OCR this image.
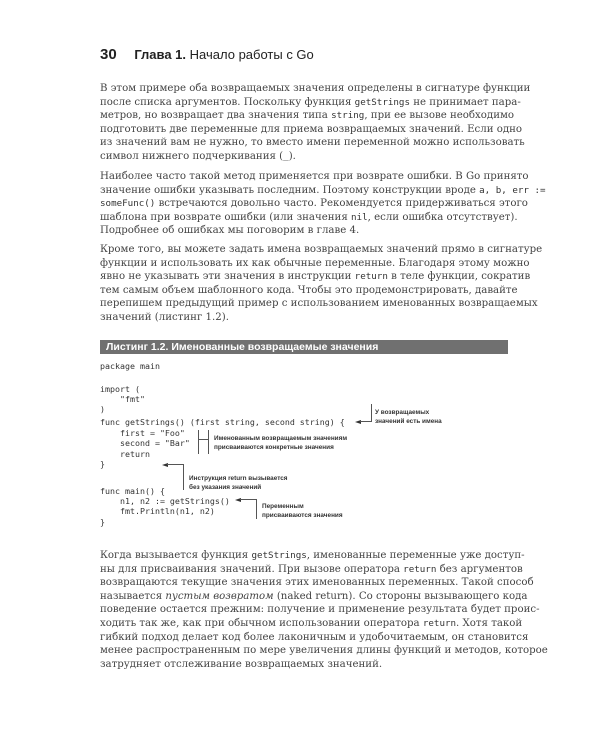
30 Глава 1. Начало работы с Go
В этом примере оба возвращаемых значения определены в сигнатуре функции
после списка аргументов. Поскольку функция getStrings не принимает пара-
метров, но возвращает два значения типа string, при ее вызове необходимо
подготовить две переменные для приема возвращаемых значений. Если одно
из значений вам не нужно, то вместо имени переменной можно использовать
символ нижнего подчеркивания (_).
Наиболее часто такой метод применяется при возврате ошибки. В Go принято
значение ошибки указывать последним. Поэтому конструкции вроде a, b, err :=
someFunc() встречаются довольно часто. Рекомендуется придерживаться этого
шаблона при возврате ошибки (или значения nil, если ошибка отсутствует).
Подробнее об ошибках мы поговорим в главе 4.
Кроме того, вы можете задать имена возвращаемых значений прямо в сигнатуре
функции и использовать их как обычные переменные. Благодаря этому можно
явно не указывать эти значения в инструкции return в теле функции, сократив
тем самым объем шаблонного кода. Чтобы это продемонстрировать, давайте
перепишем предыдущий пример с использованием именованных возвращаемых
значений (листинг 1.2).
Листинг 1.2. Именованные возвращаемые значения
package main
import (
"fmt"
)
func getStrings() (first string, second string) {
first = "Foo"
second = "Bar"
return
}
func main() {
n1, n2 := getStrings()
fmt.Println(n1, n2)
}
У возвращаемых
значений есть имена
Именованным возвращаемым значениям
присваиваются конкретные значения
Инструкция return вызывается
без указания значений
Переменным
присваиваются значения
Когда вызывается функция getStrings, именованные переменные уже доступ-
ны для присваивания значений. При вызове оператора return без аргументов
возвращаются текущие значения этих именованных переменных. Такой способ
называется пустым возвратом (naked return). Со стороны вызывающего кода
поведение остается прежним: получение и применение результата будет проис-
ходить так же, как при обычном использовании оператора return. Хотя такой
гибкий подход делает код более лаконичным и удобочитаемым, он становится
менее распространенным по мере увеличения длины функций и методов, которое
затрудняет отслеживание возвращаемых значений.
